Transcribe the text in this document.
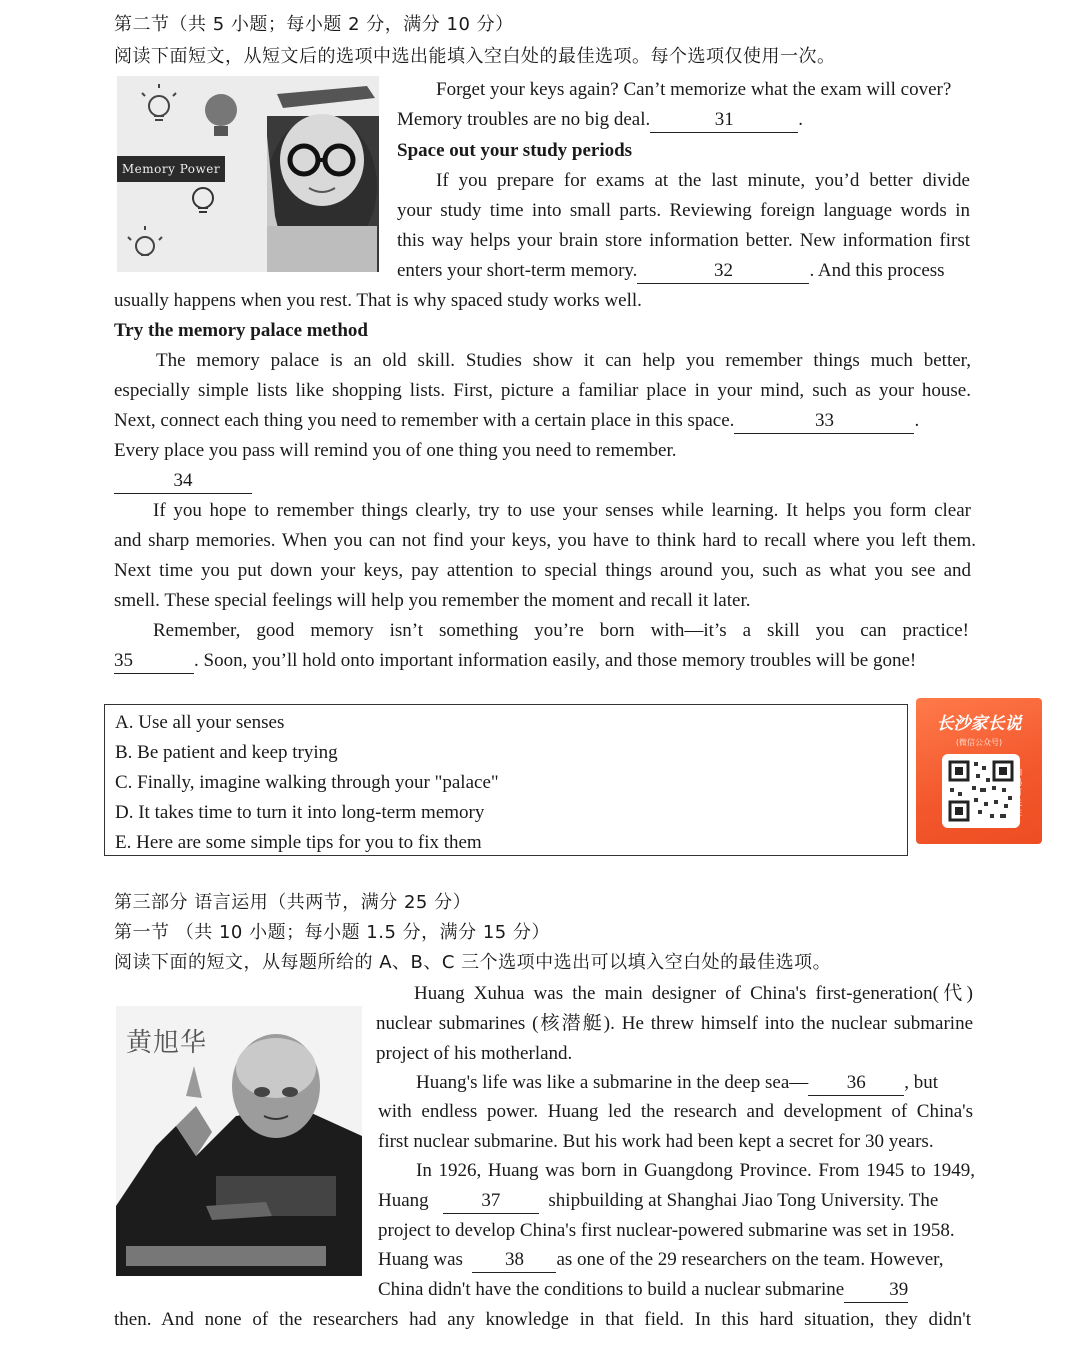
第二节（共 5 小题；每小题 2 分，满分 10 分）
阅读下面短文，从短文后的选项中选出能填入空白处的最佳选项。每个选项仅使用一次。
Memory Power
Forget your keys again? Can’t memorize what the exam will cover?
Memory troubles are no big deal.	31	.
Space out your study periods
If you prepare for exams at the last minute, you’d better divide
your study time into small parts. Reviewing foreign language words in
this way helps your brain store information better. New information first
enters your short-term memory.	32	. And this process
usually happens when you rest. That is why spaced study works well.
Try the memory palace method
The memory palace is an old skill. Studies show it can help you remember things much better,
especially simple lists like shopping lists. First, picture a familiar place in your mind, such as your house.
Next, connect each thing you need to remember with a certain place in this space.	33	.
Every place you pass will remind you of one thing you need to remember.
34
If you hope to remember things clearly, try to use your senses while learning. It helps you form clear
and sharp memories. When you can not find your keys, you have to think hard to recall where you left them.
Next time you put down your keys, pay attention to special things around you, such as what you see and
smell. These special feelings will help you remember the moment and recall it later.
Remember, good memory isn’t something you’re born with—it’s a skill you can practice!
35	. Soon, you’ll hold onto important information easily, and those memory troubles will be gone!
A. Use all your senses
B. Be patient and keep trying
C. Finally, imagine walking through your "palace"
D. It takes time to turn it into long-term memory
E. Here are some simple tips for you to fix them
长沙家长说
(微信公众号)
扫码可关注
第三部分 语言运用（共两节，满分 25 分）
第一节 （共 10 小题；每小题 1.5 分，满分 15 分）
阅读下面的短文，从每题所给的 A、B、C 三个选项中选出可以填入空白处的最佳选项。
黄旭华
Huang Xuhua was the main designer of China's first-generation(代)
nuclear submarines (核潜艇). He threw himself into the nuclear submarine
project of his motherland.
Huang's life was like a submarine in the deep sea— 36 , but
with endless power. Huang led the research and development of China's
first nuclear submarine. But his work had been kept a secret for 30 years.
In 1926, Huang was born in Guangdong Province. From 1945 to 1949,
Huang	37	shipbuilding at Shanghai Jiao Tong University. The
project to develop China's first nuclear-powered submarine was set in 1958.
Huang was 38 as one of the 29 researchers on the team. However,
China didn't have the conditions to build a nuclear submarine 39
then. And none of the researchers had any knowledge in that field. In this hard situation, they didn't
